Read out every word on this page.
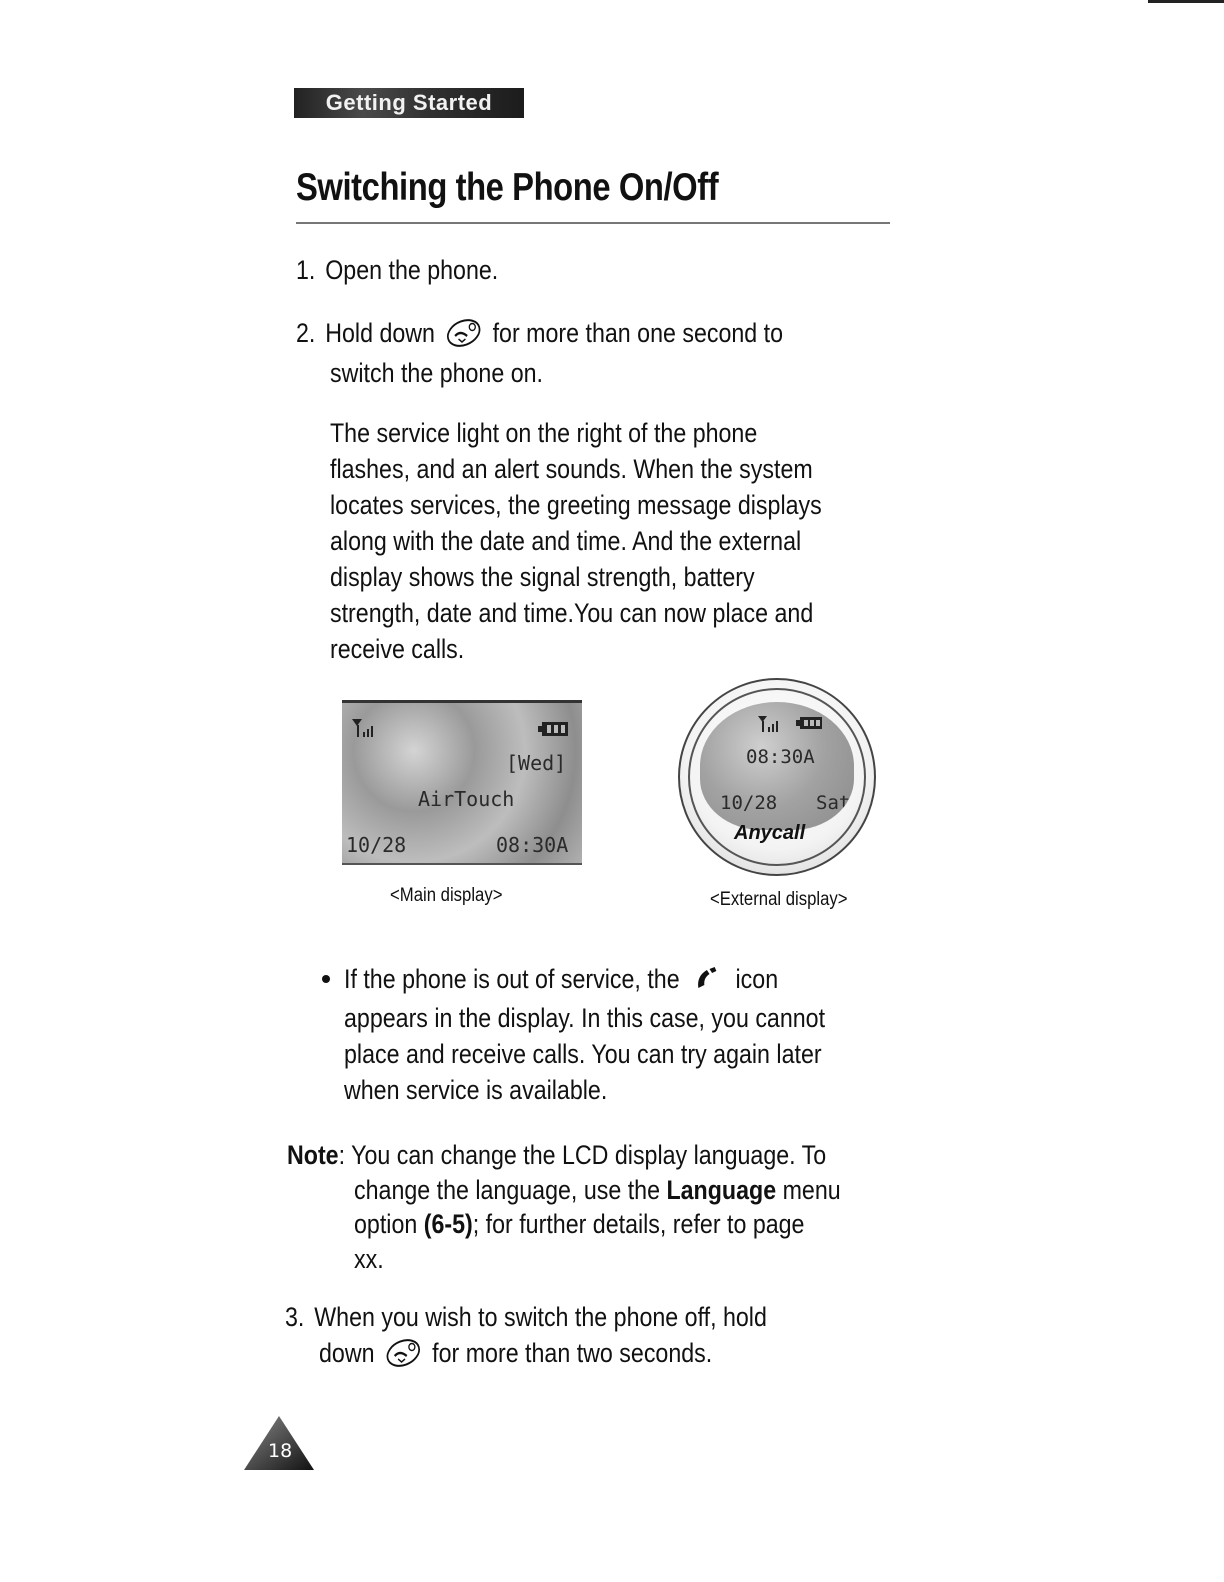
Getting Started
Switching the Phone On/Off
1. Open the phone.
2. Hold down for more than one second to
switch the phone on.
The service light on the right of the phone
flashes, and an alert sounds. When the system
locates services, the greeting message displays
along with the date and time. And the external
display shows the signal strength, battery
strength, date and time.You can now place and
receive calls.
[Wed]
AirTouch
10/28	08:30A
<Main display>
08:30A
10/28 Sat
Anycall
<External display>
If the phone is out of service, the icon
appears in the display. In this case, you cannot
place and receive calls. You can try again later
when service is available.
Note: You can change the LCD display language. To
change the language, use the Language menu
option (6-5); for further details, refer to page
xx.
3. When you wish to switch the phone off, hold
down for more than two seconds.
18
